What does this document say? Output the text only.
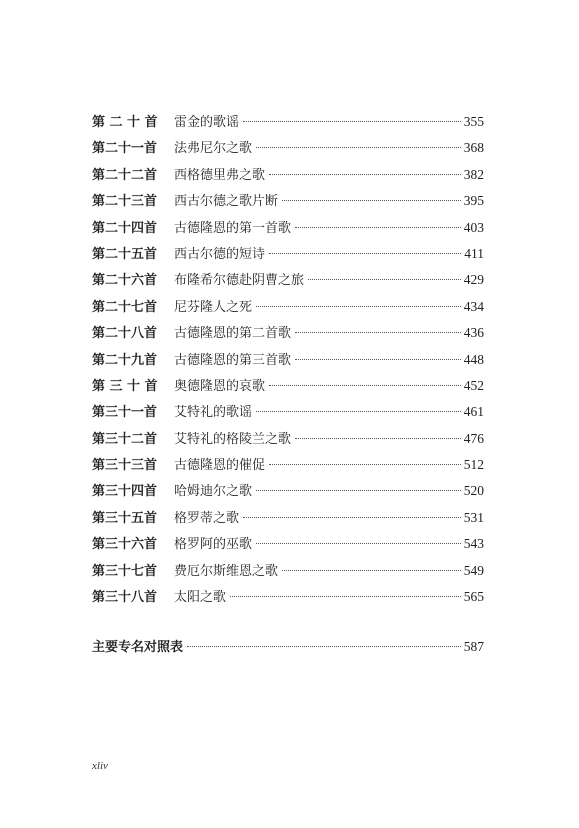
第 二 十 首	雷金的歌谣	355
第二十一首	法弗尼尔之歌	368
第二十二首	西格德里弗之歌	382
第二十三首	西古尔德之歌片断	395
第二十四首	古德隆恩的第一首歌	403
第二十五首	西古尔德的短诗	411
第二十六首	布隆希尔德赴阴曹之旅	429
第二十七首	尼芬隆人之死	434
第二十八首	古德隆恩的第二首歌	436
第二十九首	古德隆恩的第三首歌	448
第 三 十 首	奥德隆恩的哀歌	452
第三十一首	艾特礼的歌谣	461
第三十二首	艾特礼的格陵兰之歌	476
第三十三首	古德隆恩的催促	512
第三十四首	哈姆迪尔之歌	520
第三十五首	格罗蒂之歌	531
第三十六首	格罗阿的巫歌	543
第三十七首	费厄尔斯维恩之歌	549
第三十八首	太阳之歌	565
主要专名对照表	587
xliv
